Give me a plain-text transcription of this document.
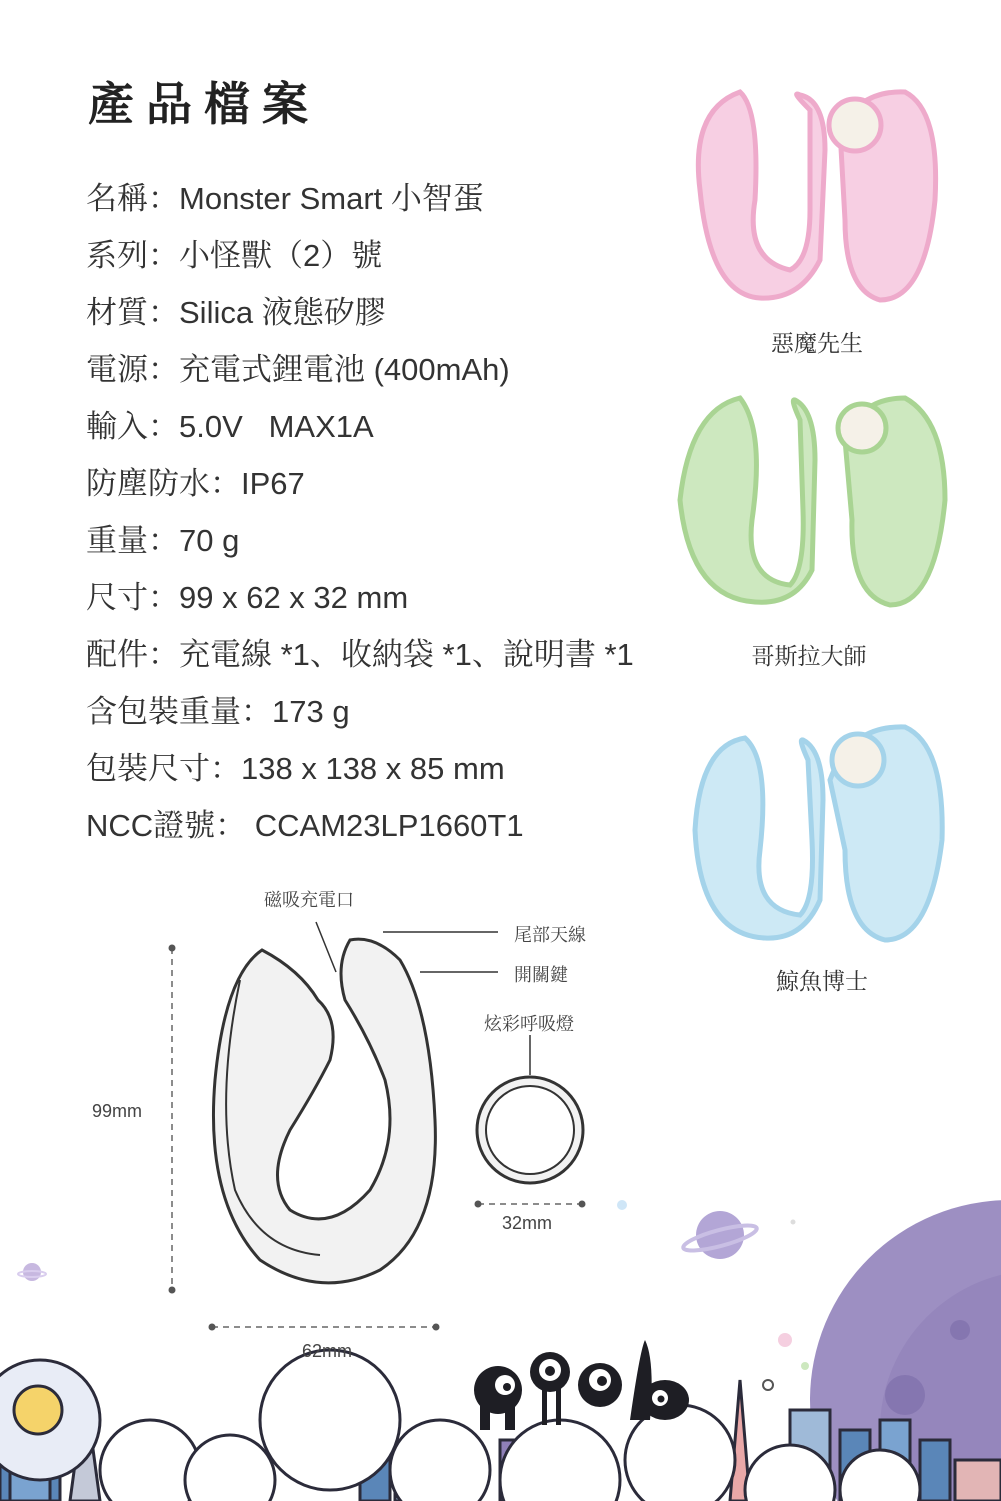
產品檔案
名稱：Monster Smart 小智蛋
系列：小怪獸（2）號
材質：Silica 液態矽膠
電源：充電式鋰電池 (400mAh)
輸入：5.0V   MAX1A
防塵防水：IP67
重量：70 g
尺寸：99 x 62 x 32 mm
配件：充電線 *1、收納袋 *1、說明書 *1
含包裝重量：173 g
包裝尺寸：138 x 138 x 85 mm
NCC證號： CCAM23LP1660T1
惡魔先生
哥斯拉大師
鯨魚博士
磁吸充電口
尾部天線
開關鍵
炫彩呼吸燈
99mm
62mm
32mm
